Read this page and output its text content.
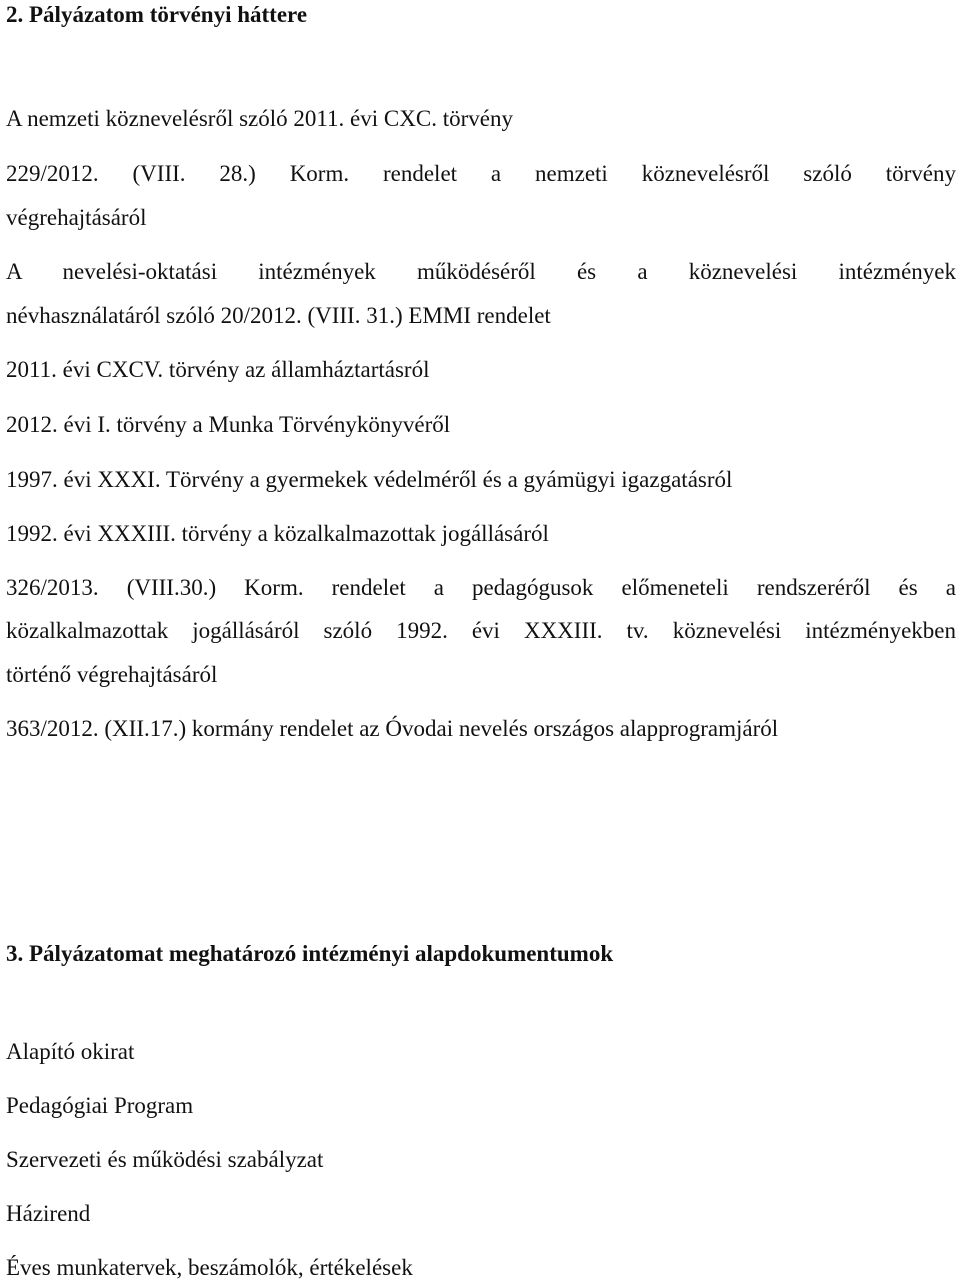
2. Pályázatom törvényi háttere
A nemzeti köznevelésről szóló 2011. évi CXC. törvény
229/2012. (VIII. 28.) Korm. rendelet a nemzeti köznevelésről szóló törvény
végrehajtásáról
A nevelési-oktatási intézmények működéséről és a köznevelési intézmények
névhasználatáról szóló 20/2012. (VIII. 31.) EMMI rendelet
2011. évi CXCV. törvény az államháztartásról
2012. évi I. törvény a Munka Törvénykönyvéről
1997. évi XXXI. Törvény a gyermekek védelméről és a gyámügyi igazgatásról
1992. évi XXXIII. törvény a közalkalmazottak jogállásáról
326/2013. (VIII.30.) Korm. rendelet a pedagógusok előmeneteli rendszeréről és a
közalkalmazottak jogállásáról szóló 1992. évi XXXIII. tv. köznevelési intézményekben
történő végrehajtásáról
363/2012. (XII.17.) kormány rendelet az Óvodai nevelés országos alapprogramjáról
3. Pályázatomat meghatározó intézményi alapdokumentumok
Alapító okirat
Pedagógiai Program
Szervezeti és működési szabályzat
Házirend
Éves munkatervek, beszámolók, értékelések
